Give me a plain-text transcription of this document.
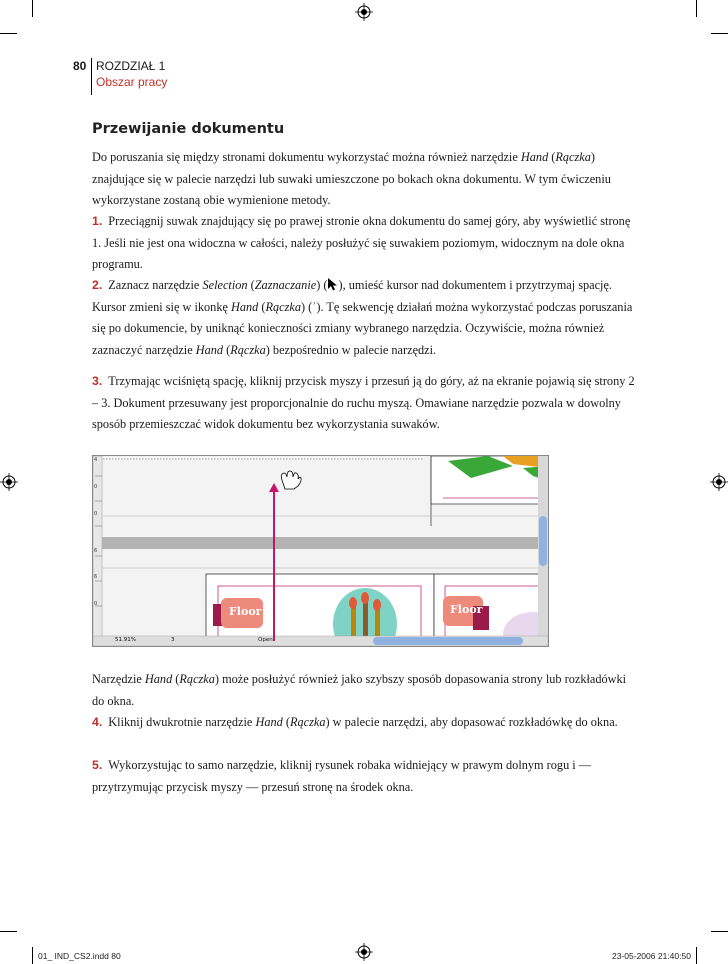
80 ROZDZIAŁ 1
Obszar pracy
Przewijanie dokumentu

Do poruszania się między stronami dokumentu wykorzystać można również narzędzie Hand (Rączka) znajdujące się w palecie narzędzi lub suwaki umieszczone po bokach okna dokumentu. W tym ćwiczeniu wykorzystane zostaną obie wymienione metody.

1. Przeciągnij suwak znajdujący się po prawej stronie okna dokumentu do samej góry, aby wyświetlić stronę 1. Jeśli nie jest ona widoczna w całości, należy posłużyć się suwakiem poziomym, widocznym na dole okna programu.

2. Zaznacz narzędzie Selection (Zaznaczanie) ( ), umieść kursor nad dokumentem i przytrzymaj spację. Kursor zmieni się w ikonkę Hand (Rączka) (ʾ). Tę sekwencję działań można wykorzystać podczas poruszania się po dokumencie, by uniknąć konieczności zmiany wybranego narzędzia. Oczywiście, można również zaznaczyć narzędzie Hand (Rączka) bezpośrednio w palecie narzędzi.

3. Trzymając wciśniętą spację, kliknij przycisk myszy i przesuń ją do góry, aż na ekranie pojawią się strony 2 – 3. Dokument przesuwany jest proporcjonalnie do ruchu myszą. Omawiane narzędzie pozwala w dowolny sposób przemieszczać widok dokumentu bez wykorzystania suwaków.

4
0
0
6
6
0
Floor	Floor
51.91%	3	Open

Narzędzie Hand (Rączka) może posłużyć również jako szybszy sposób dopasowania strony lub rozkładówki do okna.

4. Kliknij dwukrotnie narzędzie Hand (Rączka) w palecie narzędzi, aby dopasować rozkładówkę do okna.

5. Wykorzystując to samo narzędzie, kliknij rysunek robaka widniejący w prawym dolnym rogu i — przytrzymując przycisk myszy — przesuń stronę na środek okna.

01_ IND_CS2.indd 80	23-05-2006 21:40:50
